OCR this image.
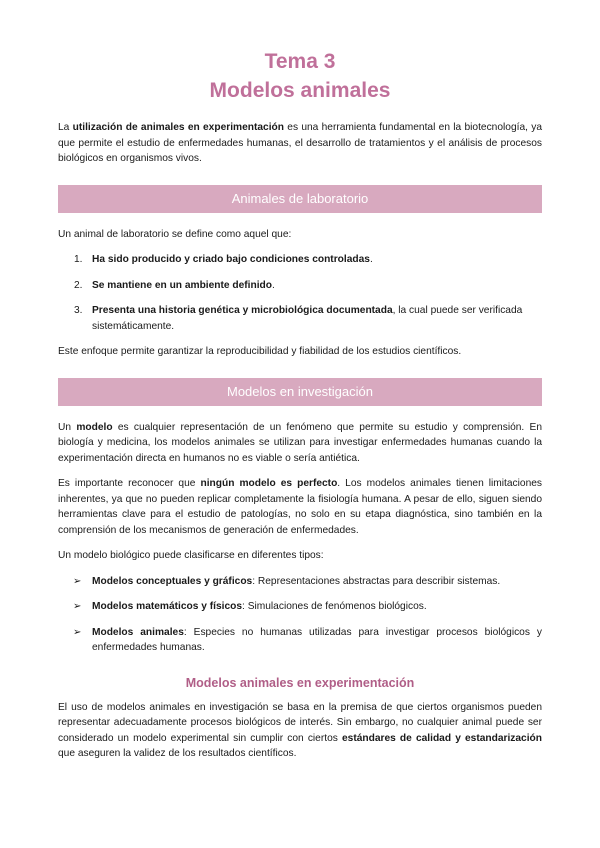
Tema 3
Modelos animales

La utilización de animales en experimentación es una herramienta fundamental en la biotecnología, ya que permite el estudio de enfermedades humanas, el desarrollo de tratamientos y el análisis de procesos biológicos en organismos vivos.

Animales de laboratorio

Un animal de laboratorio se define como aquel que:

1. Ha sido producido y criado bajo condiciones controladas.
2. Se mantiene en un ambiente definido.
3. Presenta una historia genética y microbiológica documentada, la cual puede ser verificada sistemáticamente.

Este enfoque permite garantizar la reproducibilidad y fiabilidad de los estudios científicos.

Modelos en investigación

Un modelo es cualquier representación de un fenómeno que permite su estudio y comprensión. En biología y medicina, los modelos animales se utilizan para investigar enfermedades humanas cuando la experimentación directa en humanos no es viable o sería antiética.

Es importante reconocer que ningún modelo es perfecto. Los modelos animales tienen limitaciones inherentes, ya que no pueden replicar completamente la fisiología humana. A pesar de ello, siguen siendo herramientas clave para el estudio de patologías, no solo en su etapa diagnóstica, sino también en la comprensión de los mecanismos de generación de enfermedades.

Un modelo biológico puede clasificarse en diferentes tipos:

➢ Modelos conceptuales y gráficos: Representaciones abstractas para describir sistemas.
➢ Modelos matemáticos y físicos: Simulaciones de fenómenos biológicos.
➢ Modelos animales: Especies no humanas utilizadas para investigar procesos biológicos y enfermedades humanas.
Modelos animales en experimentación

El uso de modelos animales en investigación se basa en la premisa de que ciertos organismos pueden representar adecuadamente procesos biológicos de interés. Sin embargo, no cualquier animal puede ser considerado un modelo experimental sin cumplir con ciertos estándares de calidad y estandarización que aseguren la validez de los resultados científicos.
